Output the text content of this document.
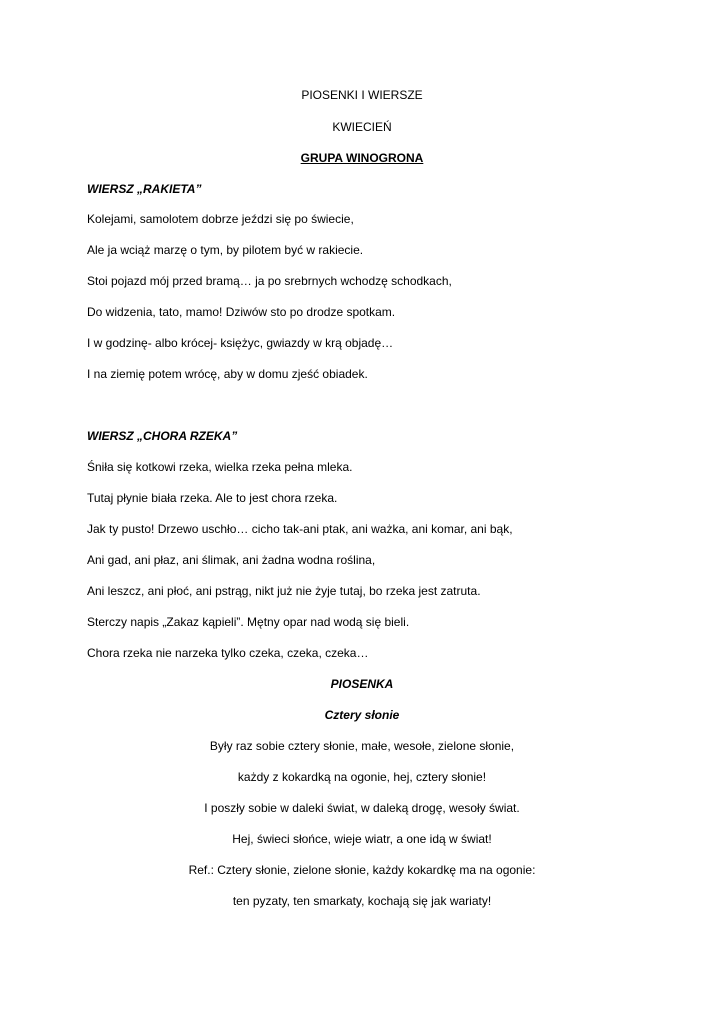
PIOSENKI I WIERSZE
KWIECIEŃ
GRUPA WINOGRONA
WIERSZ „RAKIETA”
Kolejami, samolotem dobrze jeździ się po świecie,
Ale ja wciąż marzę o tym, by pilotem być w rakiecie.
Stoi pojazd mój przed bramą… ja po srebrnych wchodzę schodkach,
Do widzenia, tato, mamo! Dziwów sto po drodze spotkam.
I w godzinę- albo krócej- księżyc, gwiazdy w krą objadę…
I na ziemię potem wrócę, aby w domu zjeść obiadek.
WIERSZ „CHORA RZEKA”
Śniła się kotkowi rzeka, wielka rzeka pełna mleka.
Tutaj płynie biała rzeka. Ale to jest chora rzeka.
Jak ty pusto! Drzewo uschło… cicho tak-ani ptak, ani ważka, ani komar, ani bąk,
Ani gad, ani płaz, ani ślimak, ani żadna wodna roślina,
Ani leszcz, ani płoć, ani pstrąg, nikt już nie żyje tutaj, bo rzeka jest zatruta.
Sterczy napis „Zakaz kąpieli”. Mętny opar nad wodą się bieli.
Chora rzeka nie narzeka tylko czeka, czeka, czeka…
PIOSENKA
Cztery słonie
Były raz sobie cztery słonie, małe, wesołe, zielone słonie,
każdy z kokardką na ogonie, hej, cztery słonie!
I poszły sobie w daleki świat, w daleką drogę, wesoły świat.
Hej, świeci słońce, wieje wiatr, a one idą w świat!
Ref.: Cztery słonie, zielone słonie, każdy kokardkę ma na ogonie:
ten pyzaty, ten smarkaty, kochają się jak wariaty!
